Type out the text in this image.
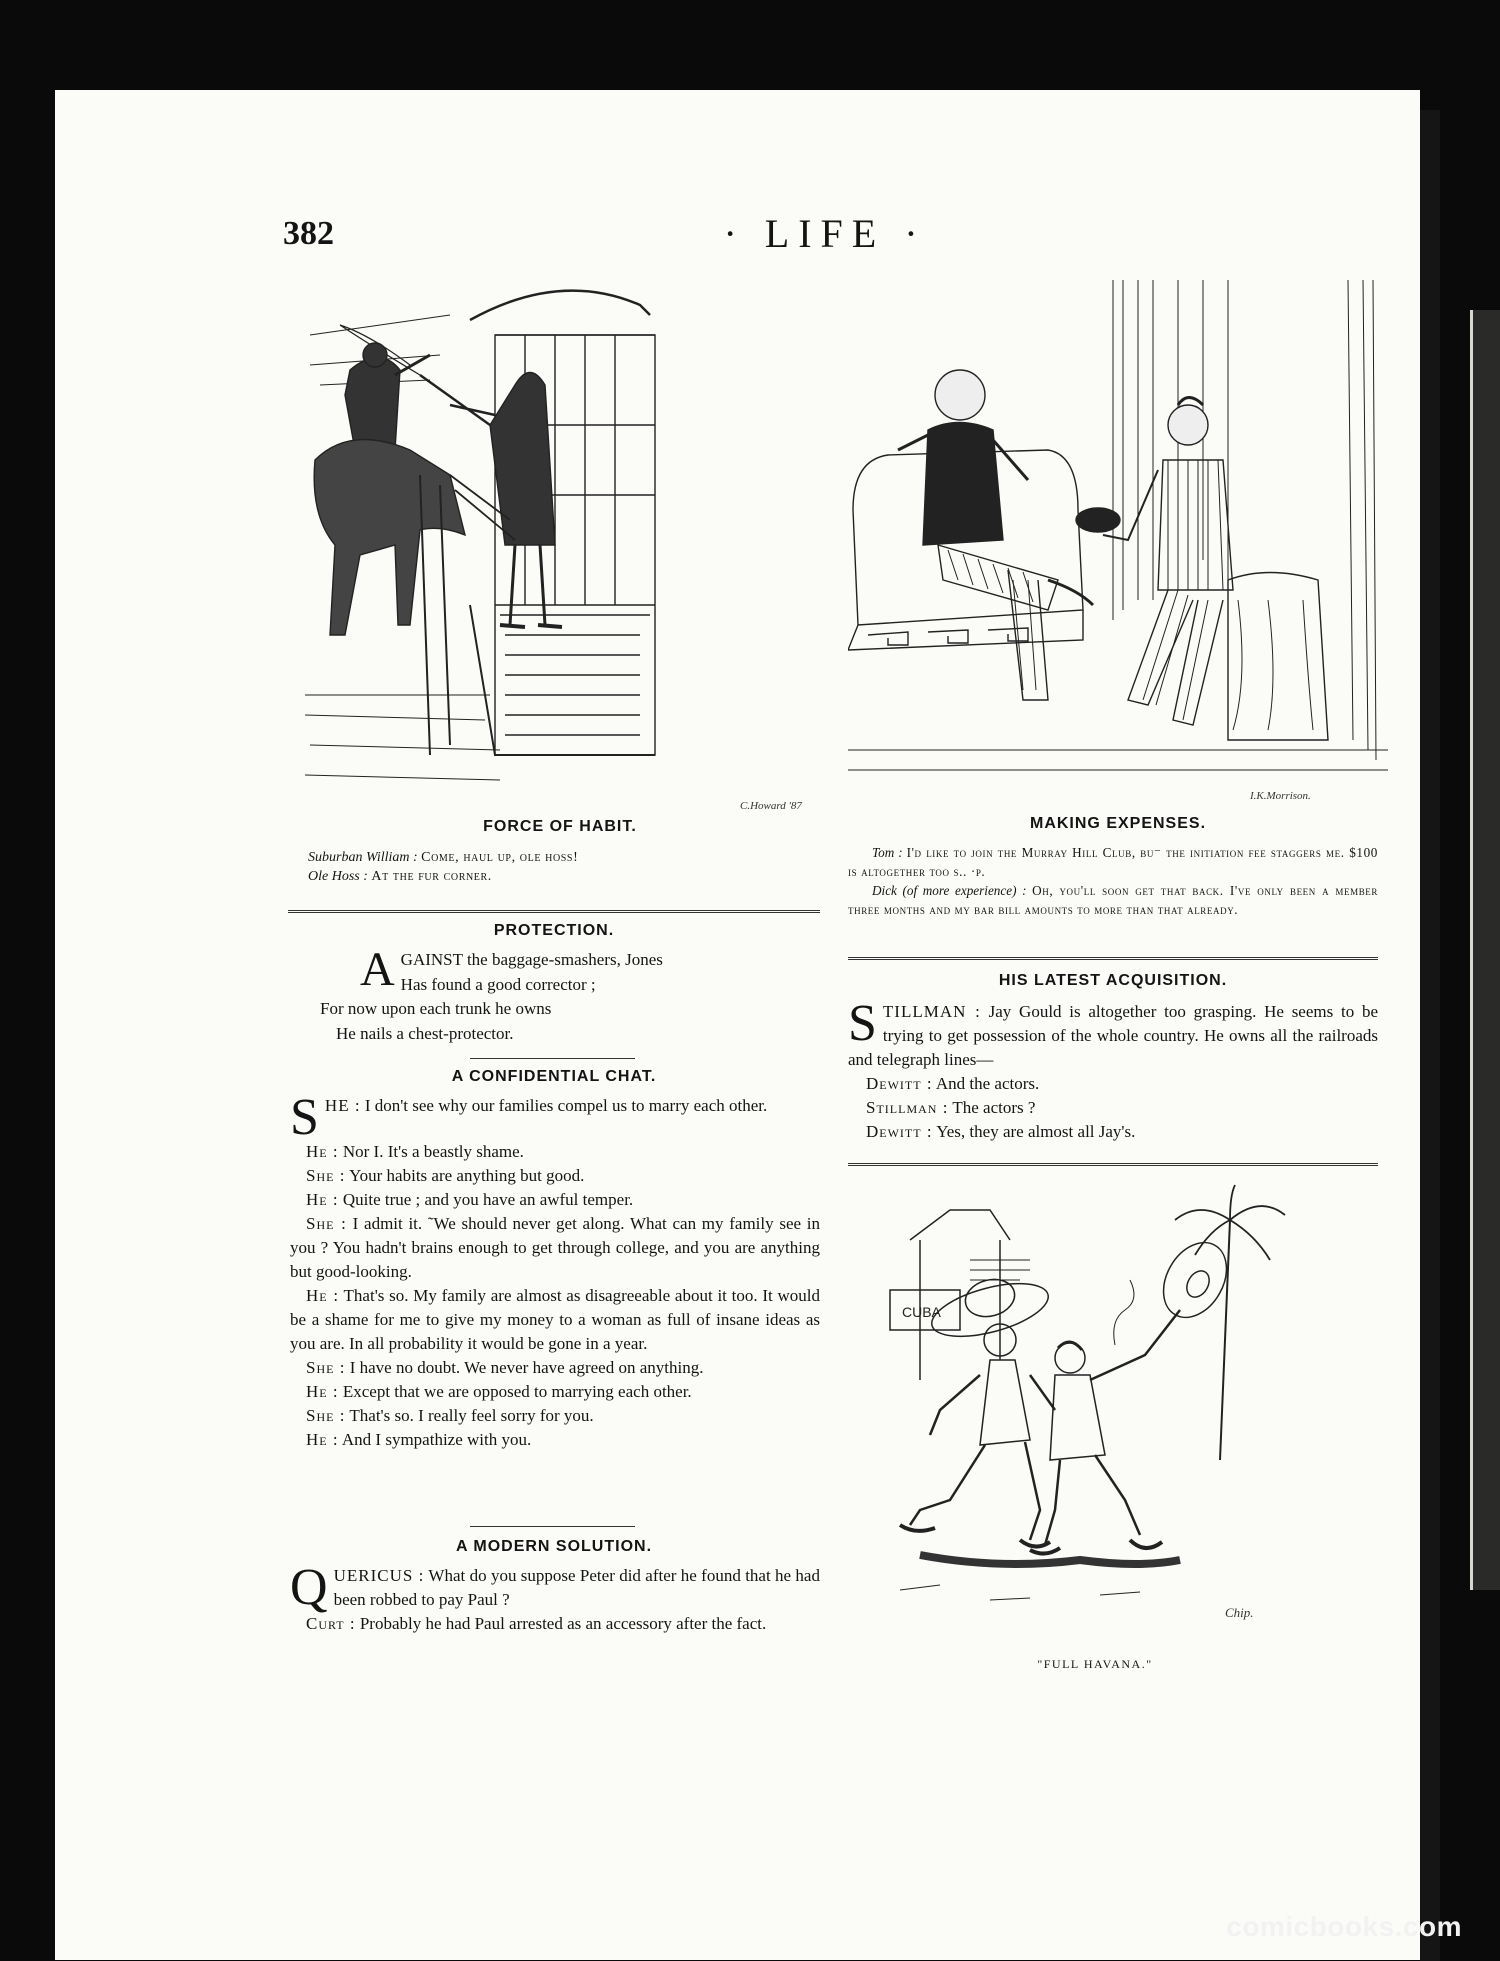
382	· LIFE ·
C.Howard '87
FORCE OF HABIT.
Suburban William : Come, haul up, ole hoss!
Ole Hoss : At the fur corner.
I.K.Morrison.
MAKING EXPENSES.
Tom : I'd like to join the Murray Hill Club, bu⁻ the initiation fee staggers me. $100 is altogether too s.. ·p.
Dick (of more experience) : Oh, you'll soon get that back. I've only been a member three months and my bar bill amounts to more than that already.
PROTECTION.
A GAINST the baggage-smashers, Jones
Has found a good corrector ;
For now upon each trunk he owns
He nails a chest-protector.
A CONFIDENTIAL CHAT.
S HE : I don't see why our families compel us to marry each other.
He : Nor I. It's a beastly shame.
She : Your habits are anything but good.
He : Quite true ; and you have an awful temper.
She : I admit it. ˜We should never get along. What can my family see in you ? You hadn't brains enough to get through college, and you are anything but good-looking.
He : That's so. My family are almost as disagreeable about it too. It would be a shame for me to give my money to a woman as full of insane ideas as you are. In all probability it would be gone in a year.
She : I have no doubt. We never have agreed on anything.
He : Except that we are opposed to marrying each other.
She : That's so. I really feel sorry for you.
He : And I sympathize with you.
A MODERN SOLUTION.
Q UERICUS : What do you suppose Peter did after he found that he had been robbed to pay Paul ?
Curt : Probably he had Paul arrested as an accessory after the fact.
HIS LATEST ACQUISITION.
S TILLMAN : Jay Gould is altogether too grasping. He seems to be trying to get possession of the whole country. He owns all the railroads and telegraph lines—
Dewitt : And the actors.
Stillman : The actors ?
Dewitt : Yes, they are almost all Jay's.
CUBA
Chip.
"FULL HAVANA."
comicbooks.com
